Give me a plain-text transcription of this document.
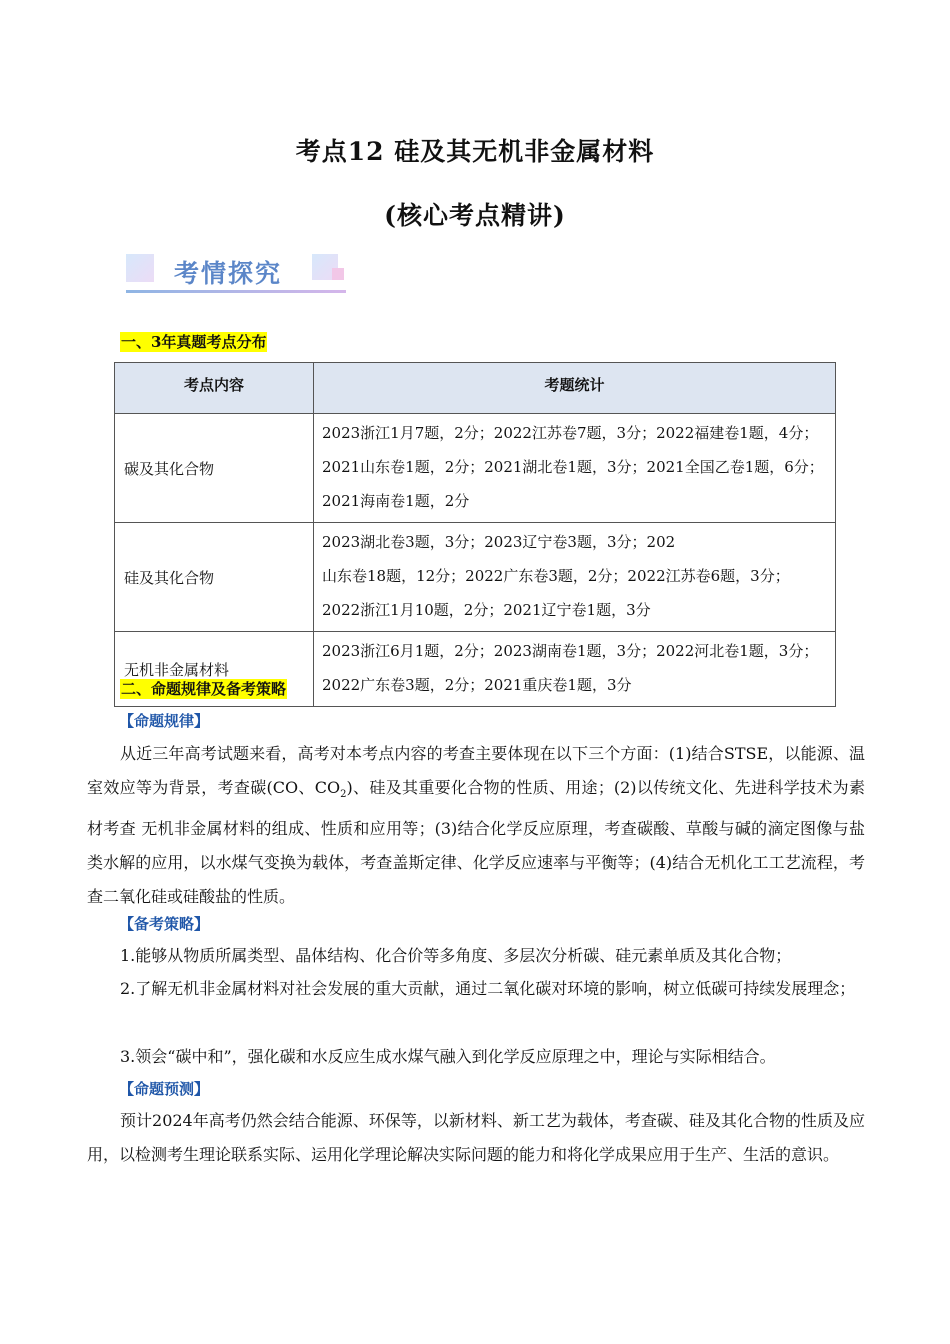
考点12 硅及其无机非金属材料
(核心考点精讲)
考情探究
一、3年真题考点分布
考点内容	考题统计
碳及其化合物	2023浙江1月7题，2分；2022江苏卷7题，3分；2022福建卷1题，4分；2021山东卷1题，2分；2021湖北卷1题，3分；2021全国乙卷1题，6分；2021海南卷1题，2分
硅及其化合物	2023湖北卷3题，3分；2023辽宁卷3题，3分；202
山东卷18题，12分；2022广东卷3题，2分；2022江苏卷6题，3分；2022浙江1月10题，2分；2021辽宁卷1题，3分

无机非金属材料	2023浙江6月1题，2分；2023湖南卷1题，3分；2022河北卷1题，3分；2022广东卷3题，2分；2021重庆卷1题，3分
二、命题规律及备考策略
【命题规律】
从近三年高考试题来看，高考对本考点内容的考查主要体现在以下三个方面：(1)结合STSE，以能源、温室效应等为背景，考查碳(CO、$CO_2$)、硅及其重要化合物的性质、用途；(2)以传统文化、先进科学技术为素材考查 无机非金属材料的组成、性质和应用等；(3)结合化学反应原理，考查碳酸、草酸与碱的滴定图像与盐类水解的应用，以水煤气变换为载体，考查盖斯定律、化学反应速率与平衡等；(4)结合无机化工工艺流程，考查二氧化硅或硅酸盐的性质。
【备考策略】
1.能够从物质所属类型、晶体结构、化合价等多角度、多层次分析碳、硅元素单质及其化合物；
2.了解无机非金属材料对社会发展的重大贡献，通过二氧化碳对环境的影响，树立低碳可持续发展理念；
3.领会“碳中和”，强化碳和水反应生成水煤气融入到化学反应原理之中，理论与实际相结合。
【命题预测】
预计2024年高考仍然会结合能源、环保等，以新材料、新工艺为载体，考查碳、硅及其化合物的性质及应用，以检测考生理论联系实际、运用化学理论解决实际问题的能力和将化学成果应用于生产、生活的意识。
